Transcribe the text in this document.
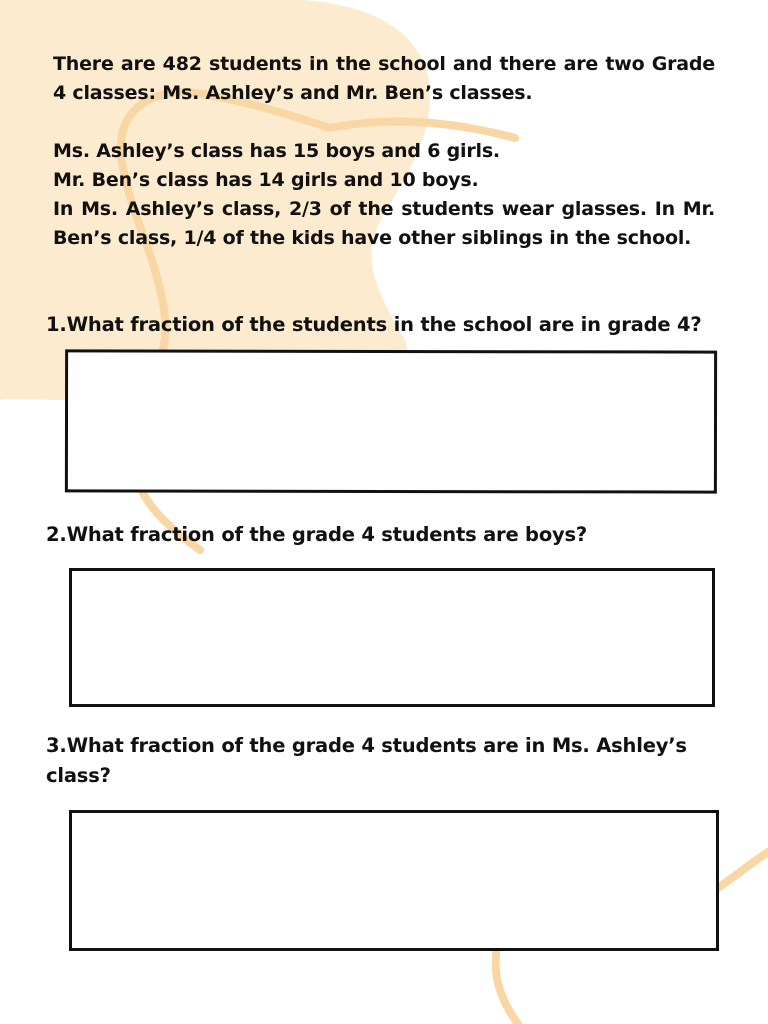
There are 482 students in the school and there are two Grade 4 classes: Ms. Ashley’s and Mr. Ben’s classes.

Ms. Ashley’s class has 15 boys and 6 girls.

Mr. Ben’s class has 14 girls and 10 boys.

In Ms. Ashley’s class, 2/3 of the students wear glasses. In Mr. Ben’s class, 1/4 of the kids have other siblings in the school.

1.What fraction of the students in the school are in grade 4?

2.What fraction of the grade 4 students are boys?

3.What fraction of the grade 4 students are in Ms. Ashley’s class?
